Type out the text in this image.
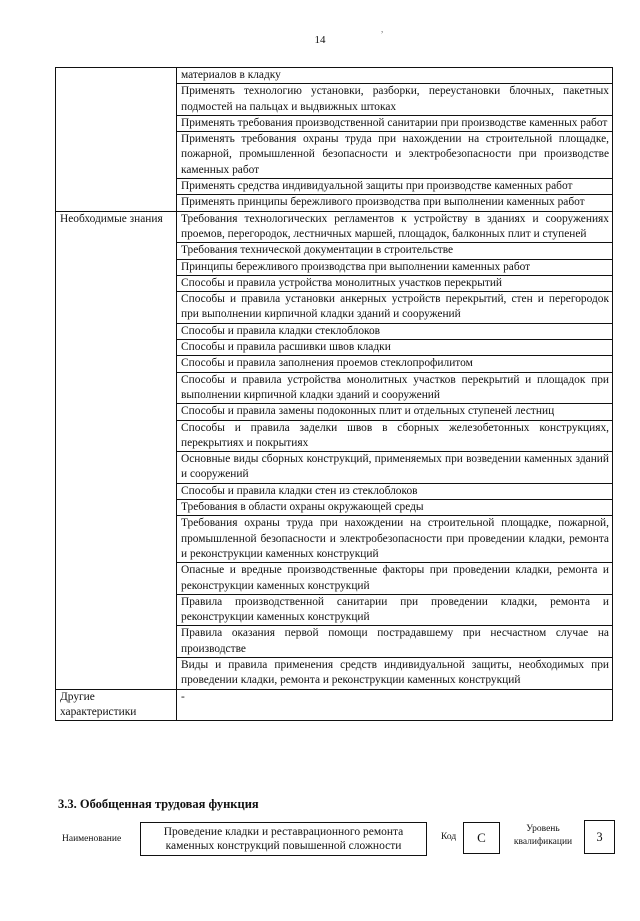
14
,
	материалов в кладку
	Применять технологию установки, разборки, переустановки блочных, пакетных подмостей на пальцах и выдвижных штоках
	Применять требования производственной санитарии при производстве каменных работ
	Применять требования охраны труда при нахождении на строительной площадке, пожарной, промышленной безопасности и электробезопасности при производстве каменных работ
	Применять средства индивидуальной защиты при производстве каменных работ
	Применять принципы бережливого производства при выполнении каменных работ
Необходимые знания	Требования технологических регламентов к устройству в зданиях и сооружениях проемов, перегородок, лестничных маршей, площадок, балконных плит и ступеней
	Требования технической документации в строительстве
	Принципы бережливого производства при выполнении каменных работ
	Способы и правила устройства монолитных участков перекрытий
	Способы и правила установки анкерных устройств перекрытий, стен и перегородок при выполнении кирпичной кладки зданий и сооружений
	Способы и правила кладки стеклоблоков
	Способы и правила расшивки швов кладки
	Способы и правила заполнения проемов стеклопрофилитом
	Способы и правила устройства монолитных участков перекрытий и площадок при выполнении кирпичной кладки зданий и сооружений
	Способы и правила замены подоконных плит и отдельных ступеней лестниц
	Способы и правила заделки швов в сборных железобетонных конструкциях, перекрытиях и покрытиях
	Основные виды сборных конструкций, применяемых при возведении каменных зданий и сооружений
	Способы и правила кладки стен из стеклоблоков
	Требования в области охраны окружающей среды
	Требования охраны труда при нахождении на строительной площадке, пожарной, промышленной безопасности и электробезопасности при проведении кладки, ремонта и реконструкции каменных конструкций
	Опасные и вредные производственные факторы при проведении кладки, ремонта и реконструкции каменных конструкций
	Правила производственной санитарии при проведении кладки, ремонта и реконструкции каменных конструкций
	Правила оказания первой помощи пострадавшему при несчастном случае на производстве
	Виды и правила применения средств индивидуальной защиты, необходимых при проведении кладки, ремонта и реконструкции каменных конструкций
Другие характеристики	-
3.3. Обобщенная трудовая функция
Наименование
Проведение кладки и реставрационного ремонта каменных конструкций повышенной сложности
Код	C
Уровень квалификации	3
